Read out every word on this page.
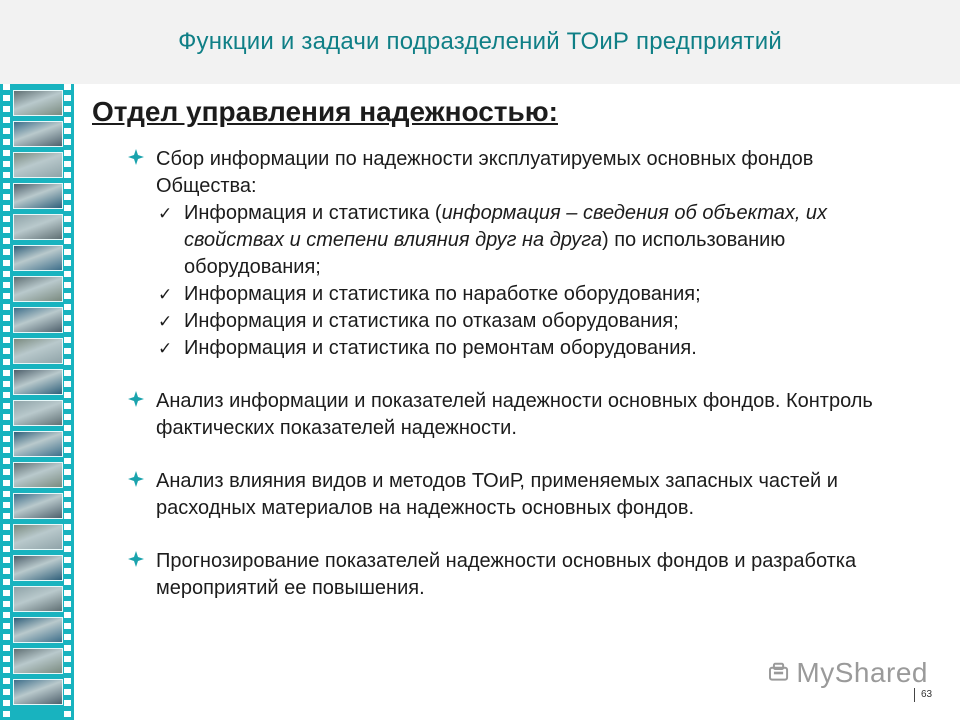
Функции и задачи подразделений ТОиР предприятий
Отдел управления надежностью:
Сбор информации по надежности эксплуатируемых основных фондов Общества:
✓ Информация и статистика (информация – сведения об объектах, их свойствах и степени влияния друг на друга) по использованию оборудования;
✓ Информация и статистика по наработке оборудования;
✓ Информация и статистика по отказам оборудования;
✓ Информация и статистика по ремонтам оборудования.
Анализ информации и показателей надежности основных фондов. Контроль фактических показателей надежности.
Анализ влияния видов и методов ТОиР, применяемых запасных частей и расходных материалов на надежность основных фондов.
Прогнозирование показателей надежности основных фондов и разработка мероприятий ее повышения.
MyShared
63
